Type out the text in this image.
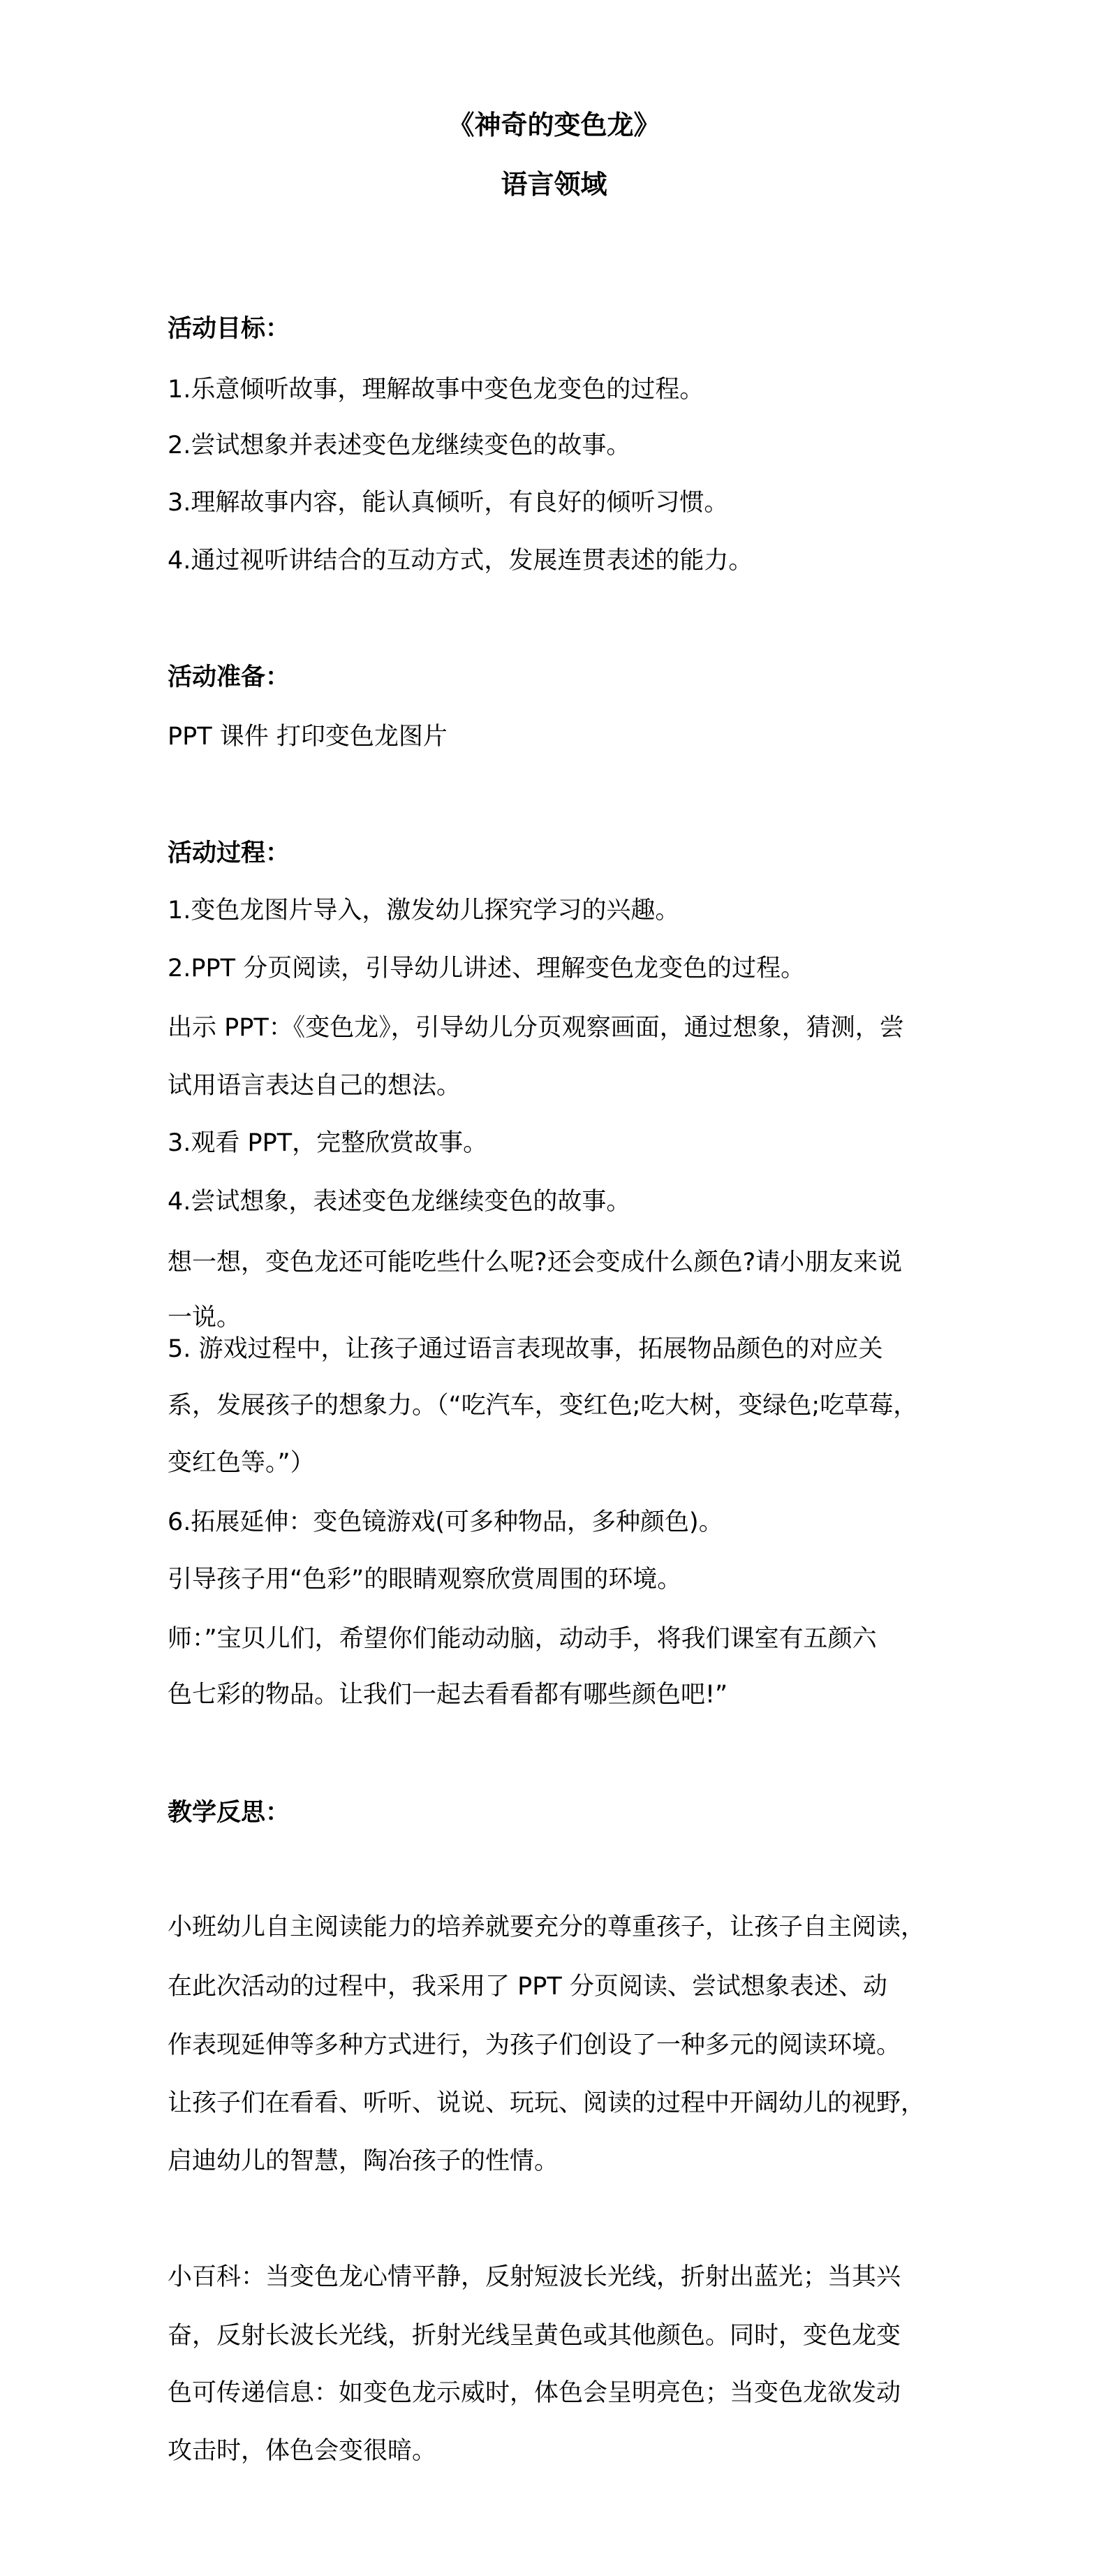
《神奇的变色龙》
语言领域
活动目标：
1.乐意倾听故事，理解故事中变色龙变色的过程。
2.尝试想象并表述变色龙继续变色的故事。
3.理解故事内容，能认真倾听，有良好的倾听习惯。
4.通过视听讲结合的互动方式，发展连贯表述的能力。
活动准备：
PPT 课件 打印变色龙图片
活动过程：
1.变色龙图片导入，激发幼儿探究学习的兴趣。
2.PPT 分页阅读，引导幼儿讲述、理解变色龙变色的过程。
出示 PPT：《变色龙》，引导幼儿分页观察画面，通过想象，猜测，尝
试用语言表达自己的想法。
3.观看 PPT，完整欣赏故事。
4.尝试想象，表述变色龙继续变色的故事。
想一想，变色龙还可能吃些什么呢?还会变成什么颜色?请小朋友来说
一说。
5. 游戏过程中，让孩子通过语言表现故事，拓展物品颜色的对应关
系，发展孩子的想象力。（“吃汽车，变红色;吃大树，变绿色;吃草莓，
变红色等。”）
6.拓展延伸：变色镜游戏(可多种物品，多种颜色)。
引导孩子用“色彩”的眼睛观察欣赏周围的环境。
师：”宝贝儿们，希望你们能动动脑，动动手，将我们课室有五颜六
色七彩的物品。让我们一起去看看都有哪些颜色吧!”
教学反思：
小班幼儿自主阅读能力的培养就要充分的尊重孩子，让孩子自主阅读，
在此次活动的过程中，我采用了 PPT 分页阅读、尝试想象表述、动
作表现延伸等多种方式进行，为孩子们创设了一种多元的阅读环境。
让孩子们在看看、听听、说说、玩玩、阅读的过程中开阔幼儿的视野，
启迪幼儿的智慧，陶冶孩子的性情。
小百科：当变色龙心情平静，反射短波长光线，折射出蓝光；当其兴
奋，反射长波长光线，折射光线呈黄色或其他颜色。同时，变色龙变
色可传递信息：如变色龙示威时，体色会呈明亮色；当变色龙欲发动
攻击时，体色会变很暗。
